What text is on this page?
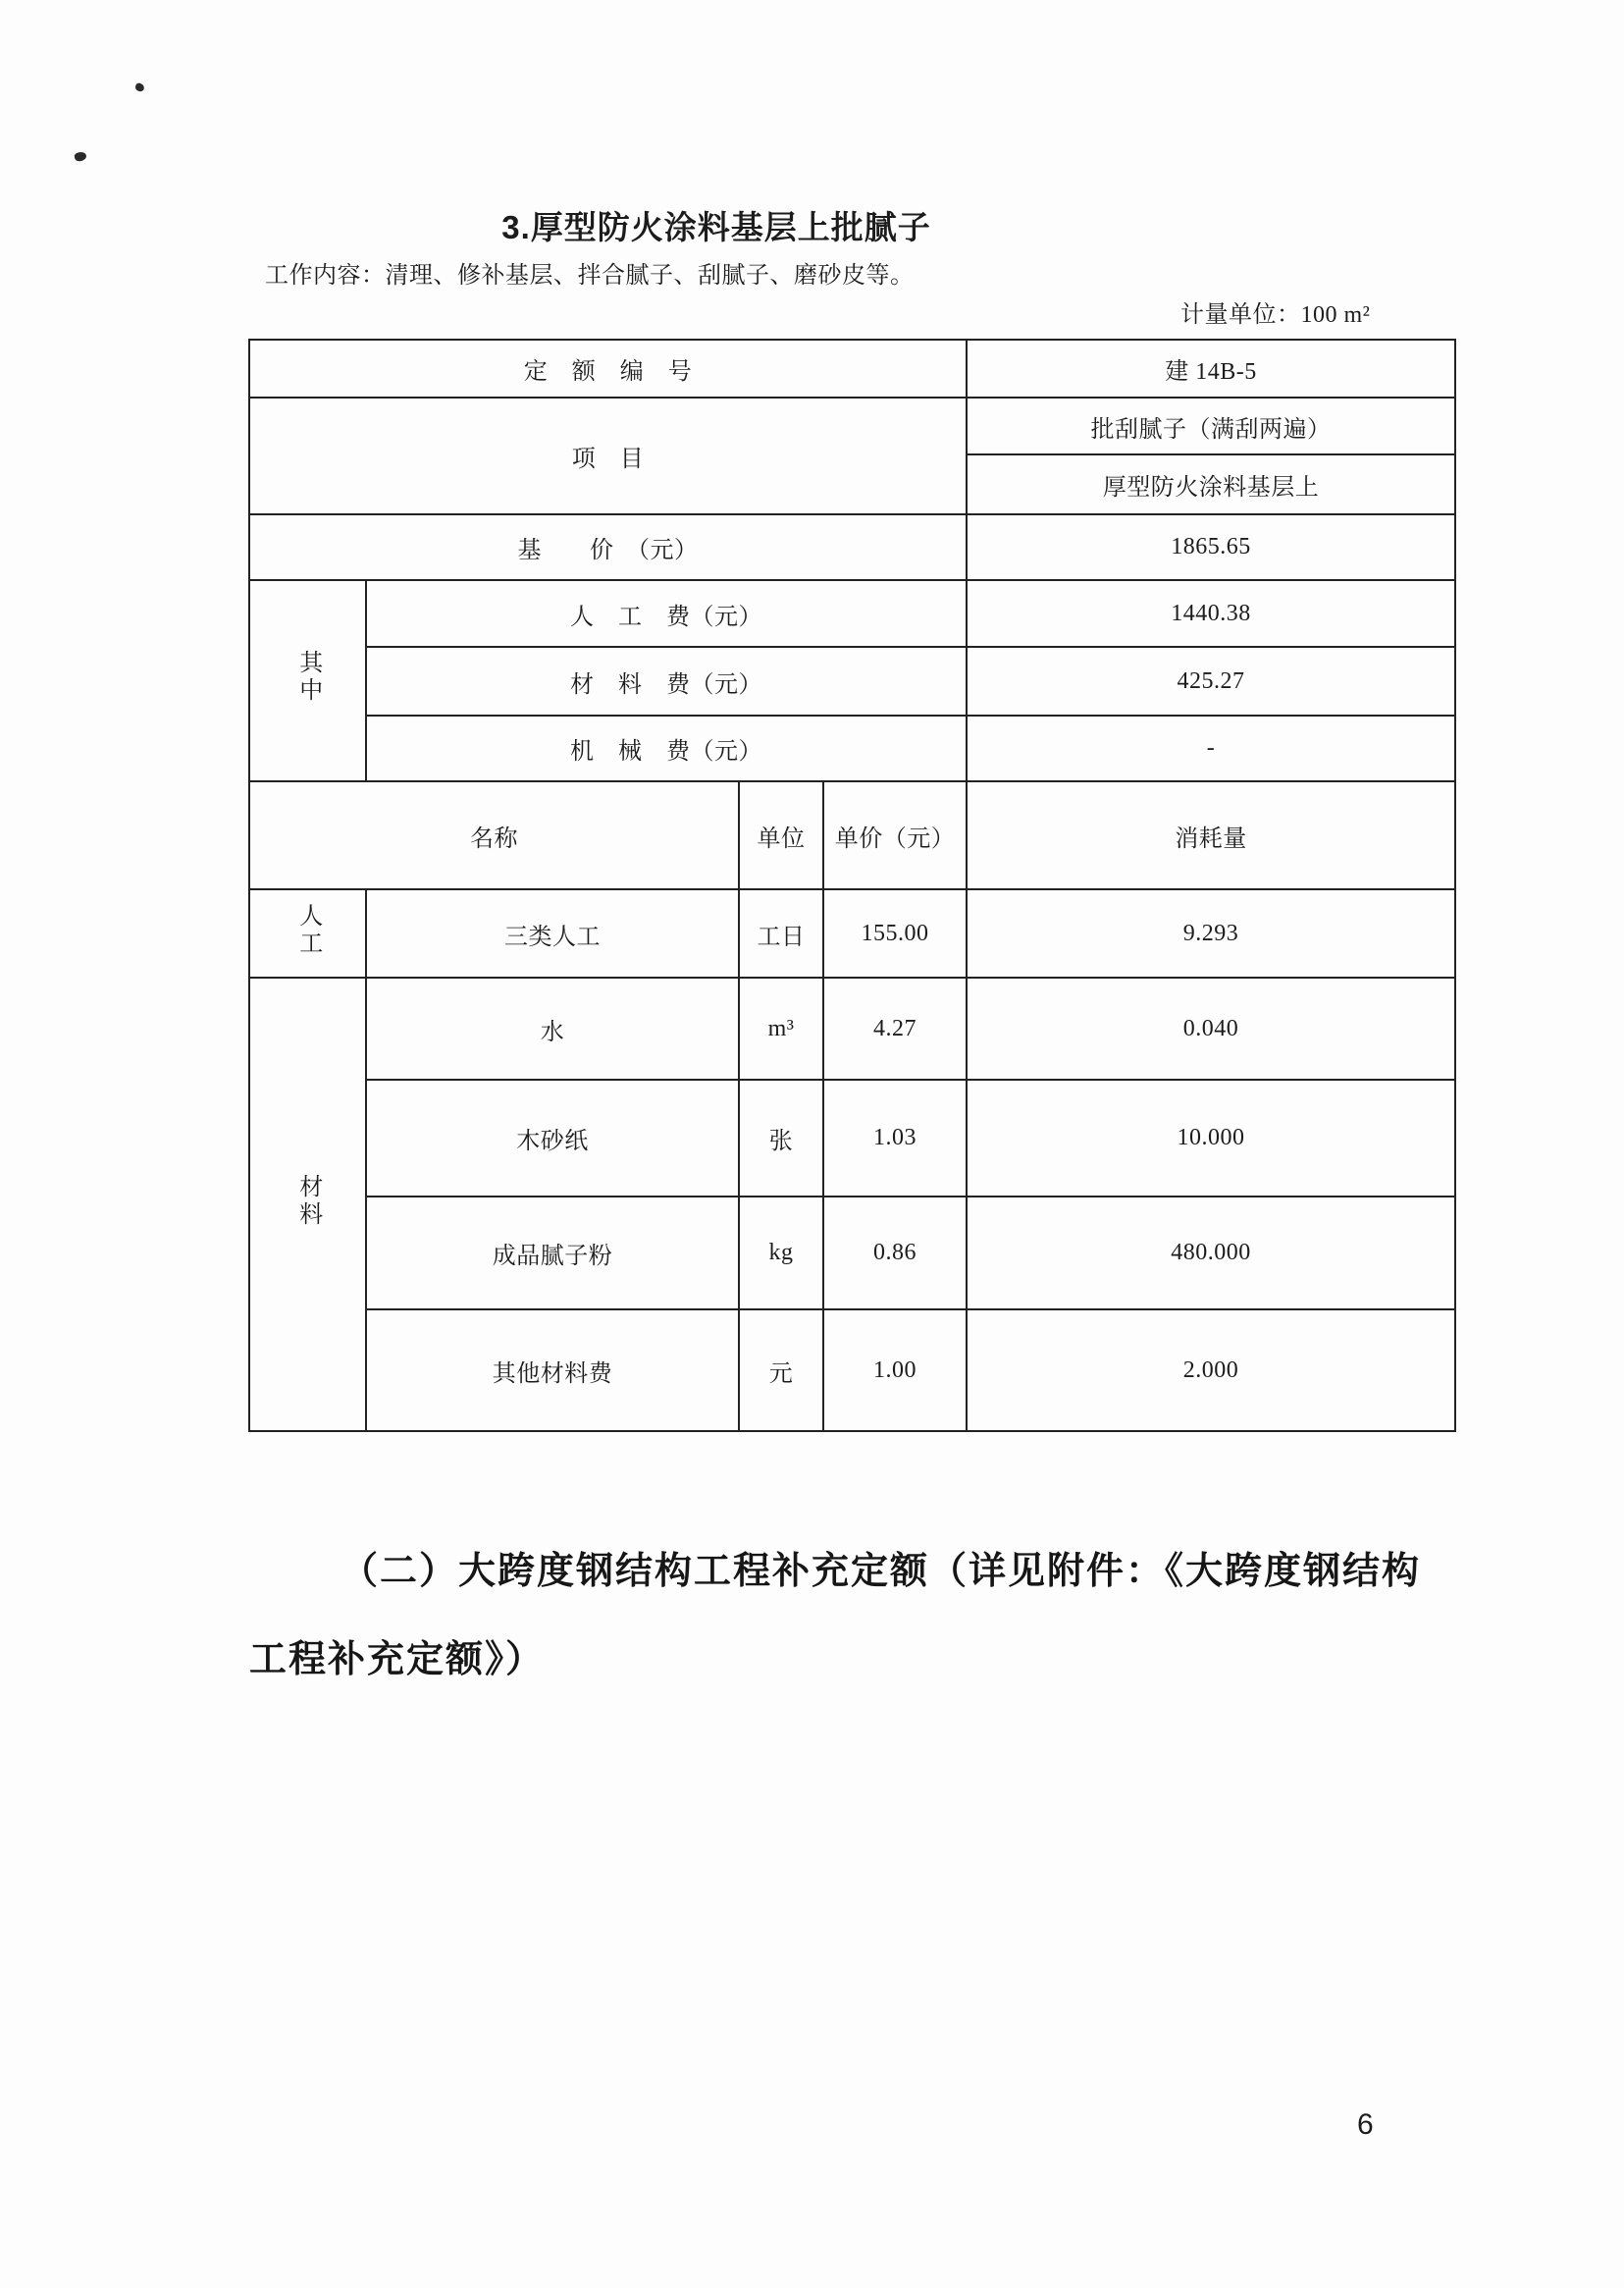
3.厚型防火涂料基层上批腻子
工作内容：清理、修补基层、拌合腻子、刮腻子、磨砂皮等。
计量单位：100 m²
定　额　编　号				建 14B-5
项　目				批刮腻子（满刮两遍）
				厚型防火涂料基层上
基　　价　（元）				1865.65
其中	人　工　费（元）			1440.38
	材　料　费（元）			425.27
	机　械　费（元）			-
名称		单位	单价（元）	消耗量
人工	三类人工	工日	155.00	9.293
材料	水	m³	4.27	0.040
	木砂纸	张	1.03	10.000
	成品腻子粉	kg	0.86	480.000
	其他材料费	元	1.00	2.000
（二）大跨度钢结构工程补充定额（详见附件：《大跨度钢结构
工程补充定额》）
6
